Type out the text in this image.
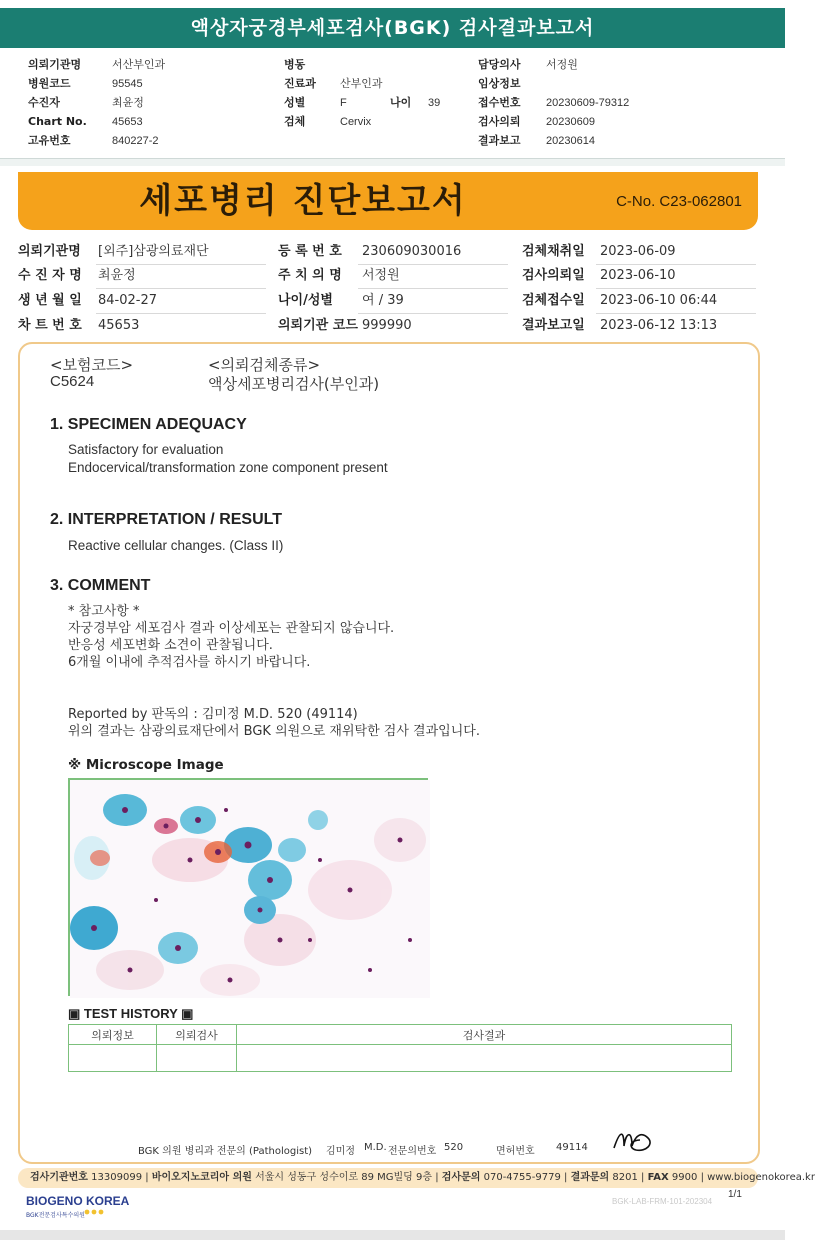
액상자궁경부세포검사(BGK) 검사결과보고서
의뢰기관명	서산부인과
병원코드	95545
수진자	최윤정
Chart No. 45653
고유번호	840227-2
병동
진료과 산부인과
성별	F	나이 39
검체	Cervix
담당의사 서정원
임상정보
접수번호 20230609-79312
검사의뢰 20230609
결과보고 20230614
세포병리 진단보고서	C-No. C23-062801
의뢰기관명 [외주]삼광의료재단	등 록 번 호 230609030016	검체채취일 2023-06-09
수 진 자 명 최윤정	주 치 의 명 서정원	검사의뢰일 2023-06-10
생 년 월 일 84-02-27	나이/성별 여 / 39	검체접수일 2023-06-10 06:44
차 트 번 호 45653	의뢰기관 코드 999990	결과보고일 2023-06-12 13:13
<보험코드>
C5624
<의뢰검체종류>
액상세포병리검사(부인과)
1. SPECIMEN ADEQUACY
Satisfactory for evaluation
Endocervical/transformation zone component present
2. INTERPRETATION / RESULT
Reactive cellular changes. (Class II)
3. COMMENT
* 참고사항 *
자궁경부암 세포검사 결과 이상세포는 관찰되지 않습니다.
반응성 세포변화 소견이 관찰됩니다.
6개월 이내에 추적검사를 하시기 바랍니다.
Reported by 판독의 : 김미정 M.D. 520 (49114)
위의 결과는 삼광의료재단에서 BGK 의원으로 재위탁한 검사 결과입니다.
※ Microscope Image
▣ TEST HISTORY ▣
의뢰정보	의뢰검사	검사결과

BGK 의원 병리과 전문의 (Pathologist) 김미정 M.D. 전문의번호 520	면허번호 49114
검사기관번호 13309099 | 바이오지노코리아 의원 서울시 성동구 성수이로 89 MG빌딩 9층 | 검사문의 070-4755-9779 | 결과문의 8201 | FAX 9900 | www.biogenokorea.kr
BIOGENO KOREA
BGK전문검사특수의원
BGK-LAB-FRM-101-202304
1/1
